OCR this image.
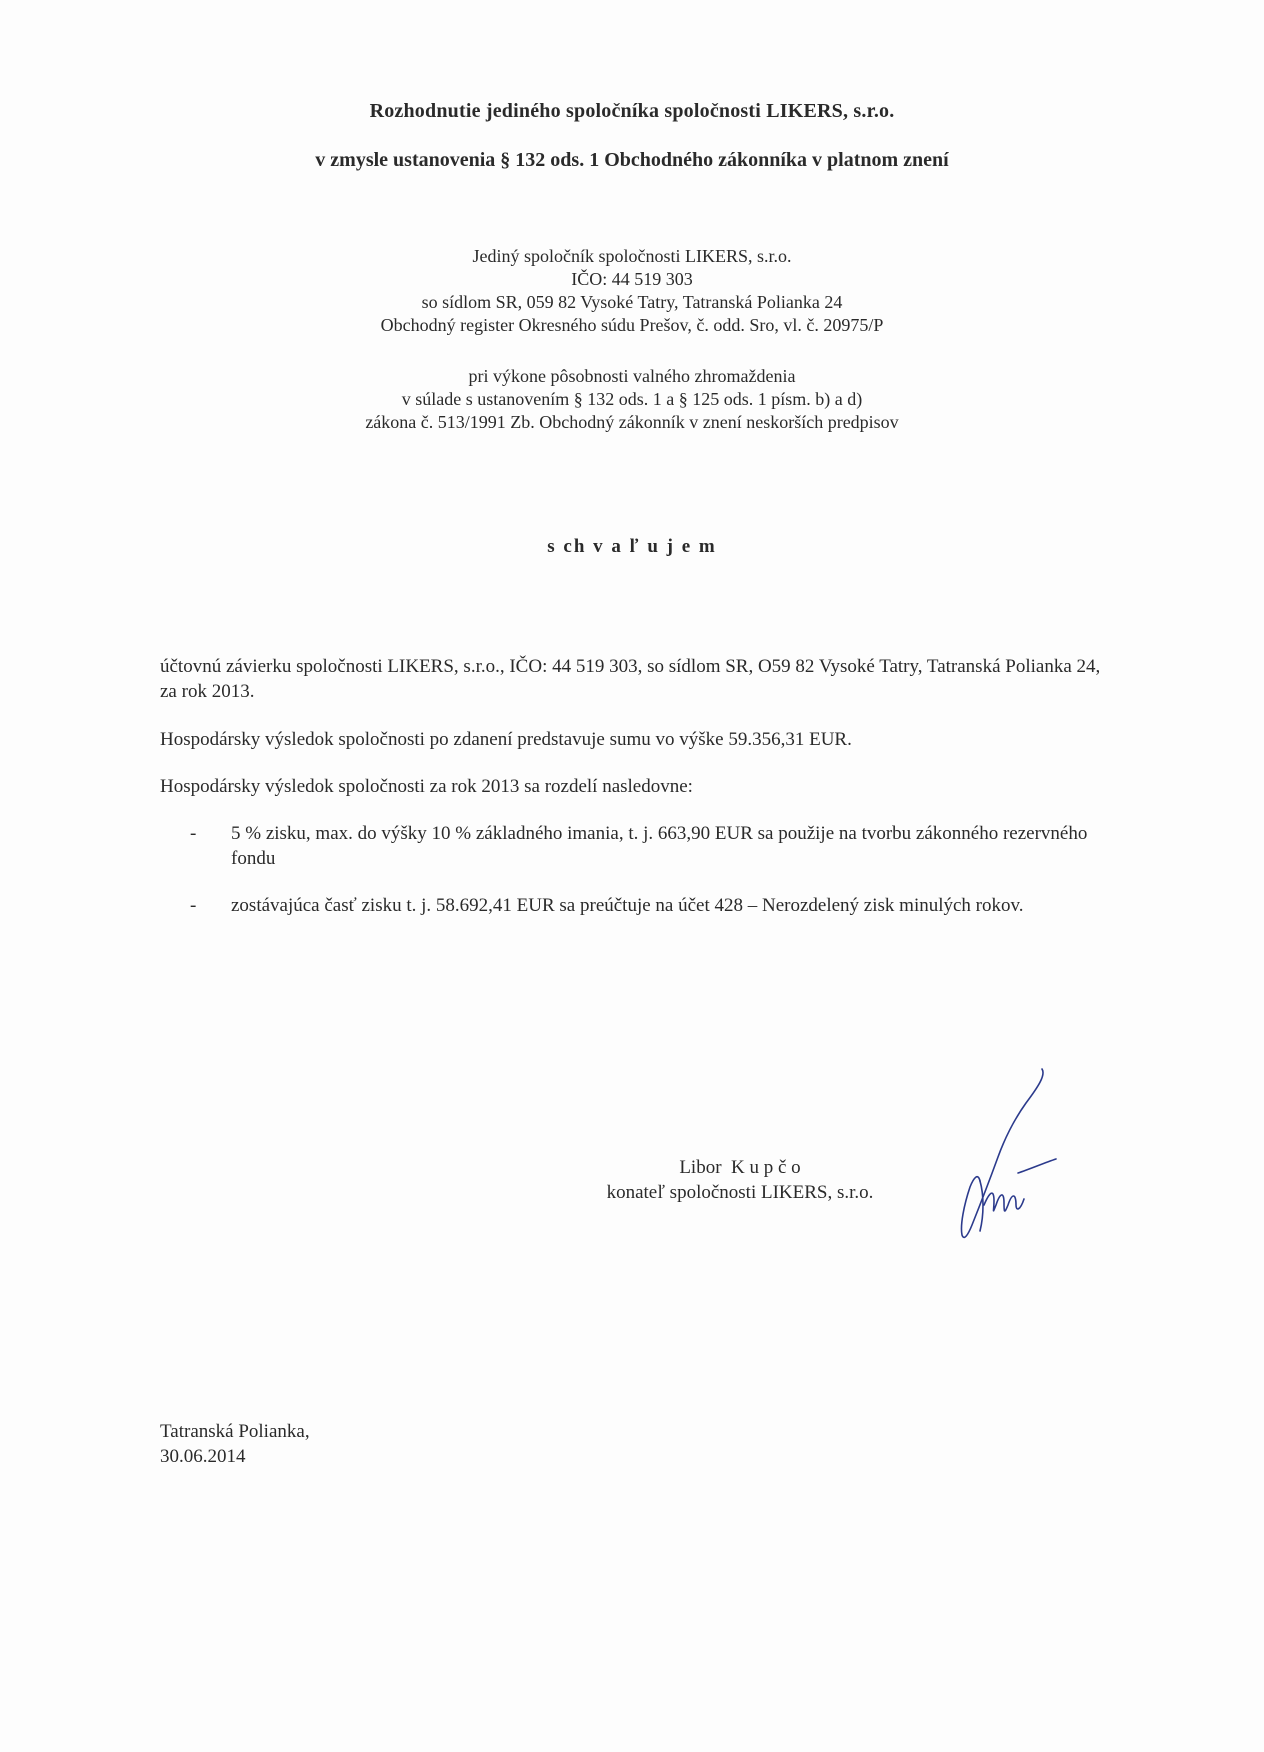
Rozhodnutie jediného spoločníka spoločnosti LIKERS, s.r.o.
v zmysle ustanovenia § 132 ods. 1 Obchodného zákonníka v platnom znení
Jediný spoločník spoločnosti LIKERS, s.r.o.
IČO: 44 519 303
so sídlom SR, 059 82 Vysoké Tatry, Tatranská Polianka 24
Obchodný register Okresného súdu Prešov, č. odd. Sro, vl. č. 20975/P
pri výkone pôsobnosti valného zhromaždenia
v súlade s ustanovením § 132 ods. 1 a § 125 ods. 1 písm. b) a d)
zákona č. 513/1991 Zb. Obchodný zákonník v znení neskorších predpisov
s ch v a ľ u j e m
účtovnú závierku spoločnosti LIKERS, s.r.o., IČO: 44 519 303, so sídlom SR, O59 82 Vysoké Tatry, Tatranská Polianka 24, za rok 2013.
Hospodársky výsledok spoločnosti po zdanení predstavuje sumu vo výške 59.356,31 EUR.
Hospodársky výsledok spoločnosti za rok 2013 sa rozdelí nasledovne:
- 5 % zisku, max. do výšky 10 % základného imania, t. j. 663,90 EUR sa použije na tvorbu zákonného rezervného fondu
- zostávajúca časť zisku t. j. 58.692,41 EUR sa preúčtuje na účet 428 – Nerozdelený zisk minulých rokov.
Libor  K u p č o
konateľ spoločnosti LIKERS, s.r.o.
Tatranská Polianka,
30.06.2014
